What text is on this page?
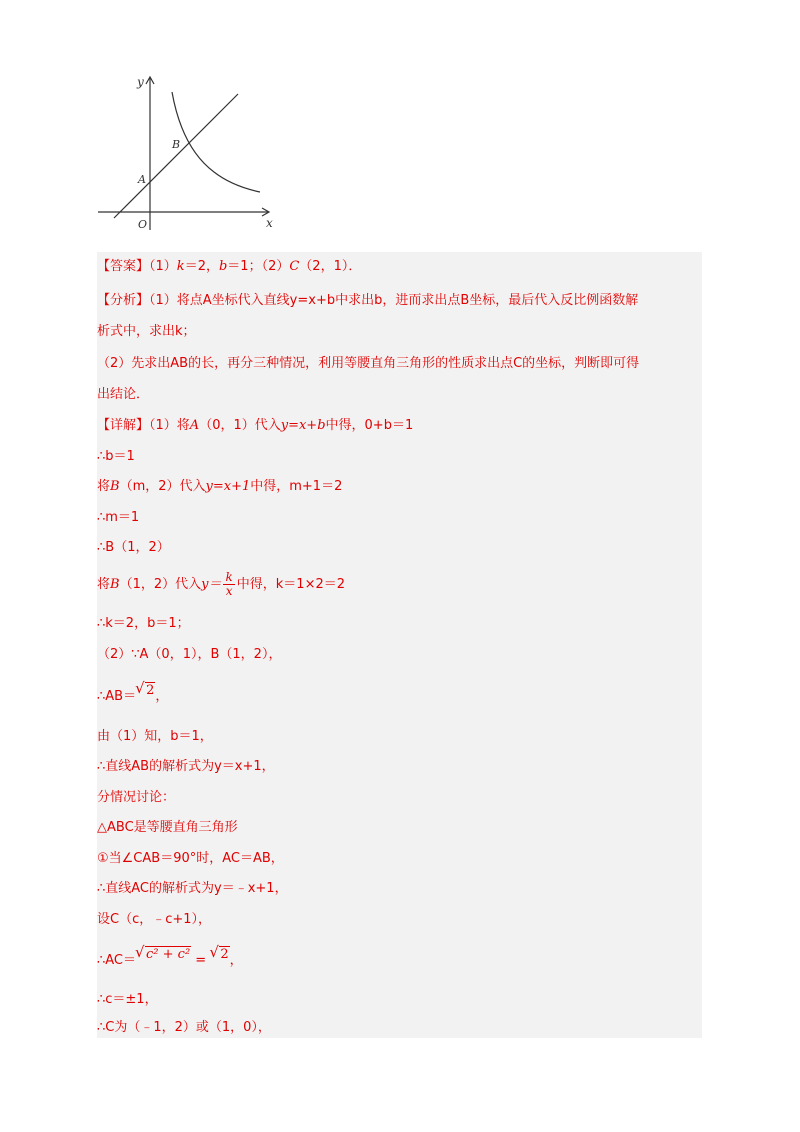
y
x
O
A
B
【答案】（1）k＝2，b＝1；（2）C（2，1）．
【分析】（1）将点A坐标代入直线y=x+b中求出b，进而求出点B坐标，最后代入反比例函数解
析式中，求出k；
（2）先求出AB的长，再分三种情况，利用等腰直角三角形的性质求出点C的坐标，判断即可得
出结论．
【详解】（1）将A（0，1）代入y=x+b中得，0+b＝1
∴b＝1
将B（m，2）代入y=x+1中得，m+1＝2
∴m＝1
∴B（1，2）
将B（1，2）代入$y= \frac{k}{x}$ 中得，k＝1×2＝2
∴k＝2，b＝1；
（2）∵A（0，1），B（1，2），
∴AB＝ √ 2，
由（1）知，b＝1，
∴直线AB的解析式为y＝x+1，
分情况讨论：
△ABC是等腰直角三角形
①当∠CAB＝90°时，AC＝AB，
∴直线AC的解析式为y＝﹣x+1，
设C（c，﹣c+1），
∴AC＝ √ c² + c² = √ 2，
∴c＝±1，
∴C为（﹣1，2）或（1，0），
